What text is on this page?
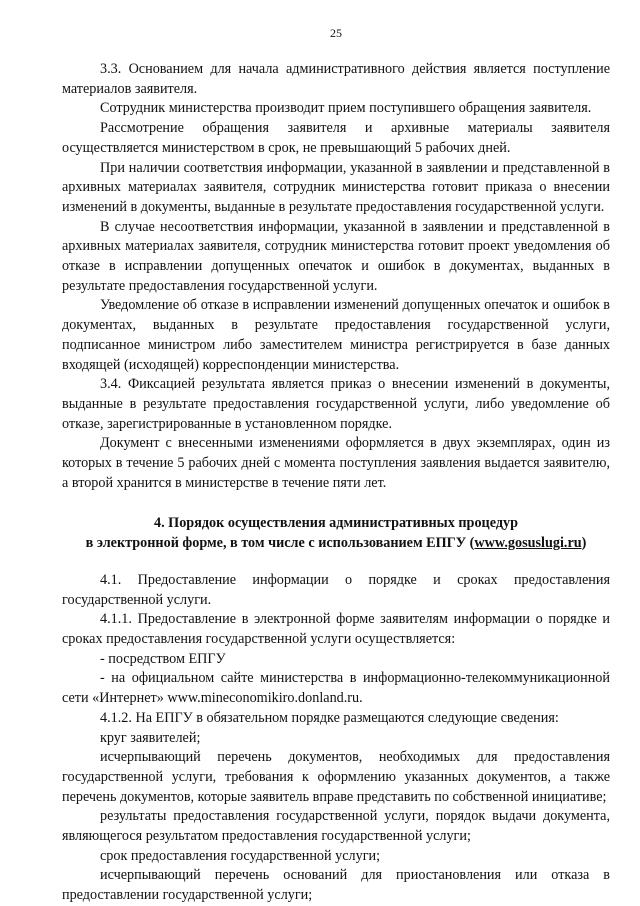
25

3.3. Основанием для начала административного действия является поступление материалов заявителя.

Сотрудник министерства производит прием поступившего обращения заявителя.

Рассмотрение обращения заявителя и архивные материалы заявителя осуществляется министерством в срок, не превышающий 5 рабочих дней.

При наличии соответствия информации, указанной в заявлении и представленной в архивных материалах заявителя, сотрудник министерства готовит приказа о внесении изменений в документы, выданные в результате предоставления государственной услуги.

В случае несоответствия информации, указанной в заявлении и представленной в архивных материалах заявителя, сотрудник министерства готовит проект уведомления об отказе в исправлении допущенных опечаток и ошибок в документах, выданных в результате предоставления государственной услуги.

Уведомление об отказе в исправлении изменений допущенных опечаток и ошибок в документах, выданных в результате предоставления государственной услуги, подписанное министром либо заместителем министра регистрируется в базе данных входящей (исходящей) корреспонденции министерства.

3.4. Фиксацией результата является приказ о внесении изменений в документы, выданные в результате предоставления государственной услуги, либо уведомление об отказе, зарегистрированные в установленном порядке.

Документ с внесенными изменениями оформляется в двух экземплярах, один из которых в течение 5 рабочих дней с момента поступления заявления выдается заявителю, а второй хранится в министерстве в течение пяти лет.

4. Порядок осуществления административных процедур
в электронной форме, в том числе с использованием ЕПГУ (www.gosuslugi.ru)

4.1. Предоставление информации о порядке и сроках предоставления государственной услуги.

4.1.1. Предоставление в электронной форме заявителям информации о порядке и сроках предоставления государственной услуги осуществляется:

- посредством ЕПГУ

- на официальном сайте министерства в информационно-телекоммуникационной сети «Интернет» www.mineconomikiro.donland.ru.

4.1.2. На ЕПГУ в обязательном порядке размещаются следующие сведения:

круг заявителей;

исчерпывающий перечень документов, необходимых для предоставления государственной услуги, требования к оформлению указанных документов, а также перечень документов, которые заявитель вправе представить по собственной инициативе;

результаты предоставления государственной услуги, порядок выдачи документа, являющегося результатом предоставления государственной услуги;

срок предоставления государственной услуги;

исчерпывающий перечень оснований для приостановления или отказа в предоставлении государственной услуги;
